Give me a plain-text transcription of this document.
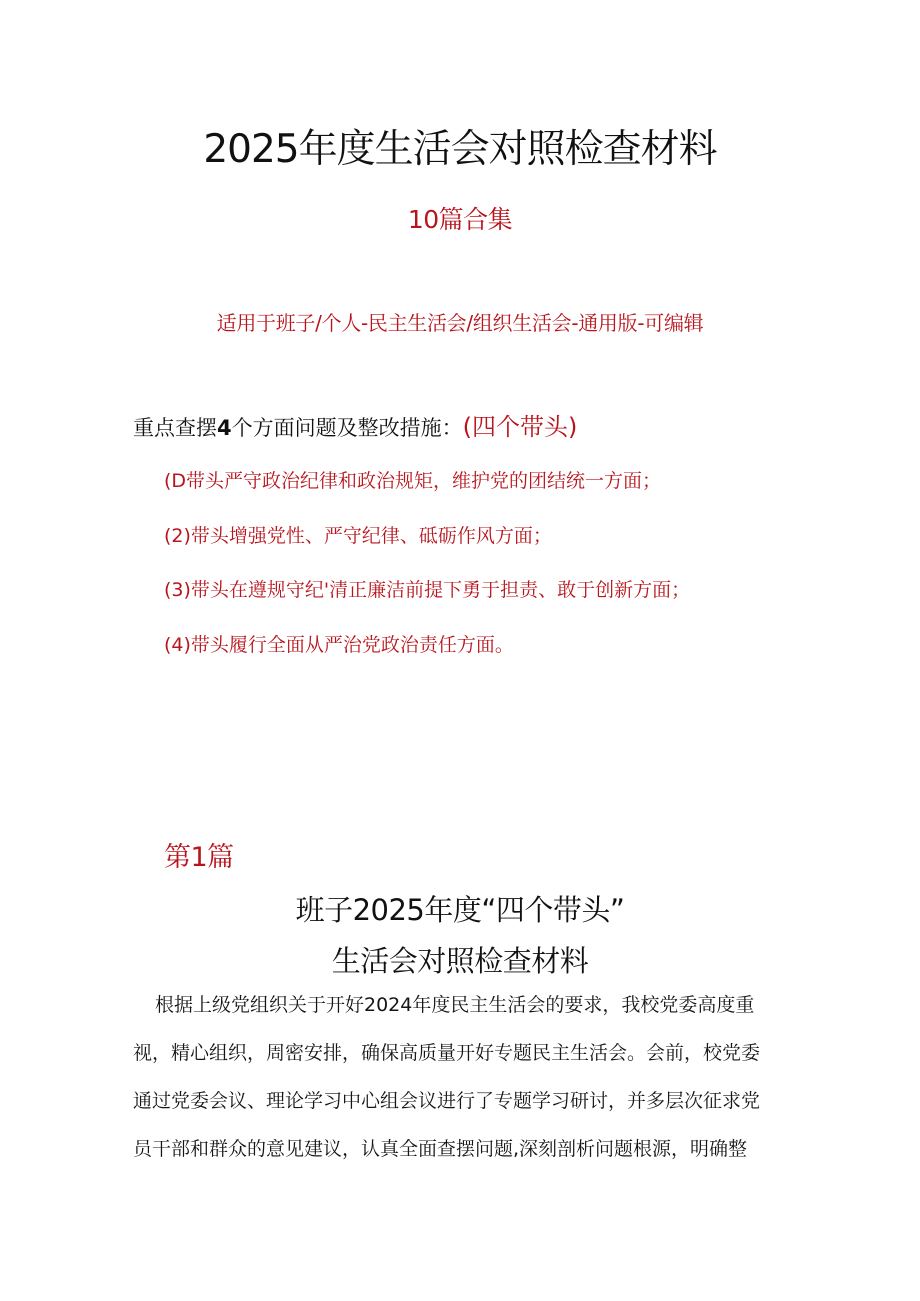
2025年度生活会对照检查材料
10篇合集
适用于班子/个人-民主生活会/组织生活会-通用版-可编辑
重点查摆4个方面问题及整改措施：(四个带头)
(D带头严守政治纪律和政治规矩，维护党的团结统一方面；
(2)带头增强党性、严守纪律、砥砺作风方面；
(3)带头在遵规守纪'清正廉洁前提下勇于担责、敢于创新方面；
(4)带头履行全面从严治党政治责任方面。
第1篇
班子2025年度“四个带头”
生活会对照检查材料

根据上级党组织关于开好2024年度民主生活会的要求，我校党委高度重
视，精心组织，周密安排，确保高质量开好专题民主生活会。会前，校党委
通过党委会议、理论学习中心组会议进行了专题学习研讨，并多层次征求党
员干部和群众的意见建议，认真全面查摆问题,深刻剖析问题根源，明确整
